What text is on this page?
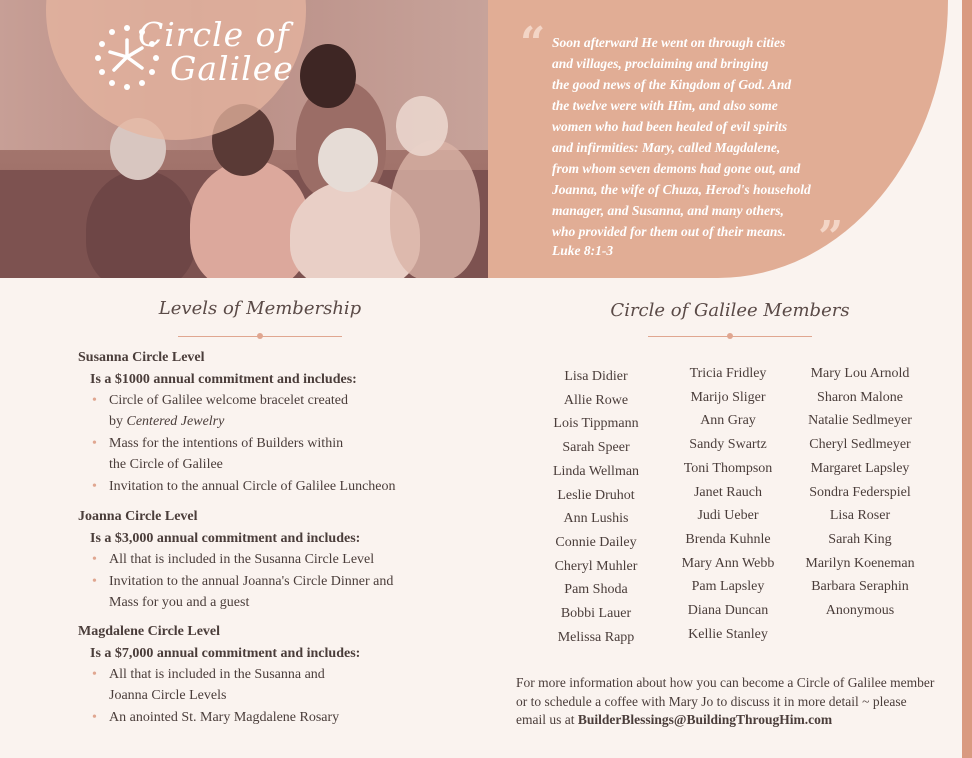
Circle of
Galilee	“ Soon afterward He went on through cities
and villages, proclaiming and bringing
the good news of the Kingdom of God. And
the twelve were with Him, and also some
women who had been healed of evil spirits
and infirmities: Mary, called Magdalene,
from whom seven demons had gone out, and
Joanna, the wife of Chuza, Herod's household
manager, and Susanna, and many others,
who provided for them out of their means. ”
Luke 8:1-3
Levels of Membership
Susanna Circle Level
Is a $1000 annual commitment and includes:
• Circle of Galilee welcome bracelet created
by Centered Jewelry
• Mass for the intentions of Builders within
the Circle of Galilee
• Invitation to the annual Circle of Galilee Luncheon
Joanna Circle Level
Is a $3,000 annual commitment and includes:
• All that is included in the Susanna Circle Level
• Invitation to the annual Joanna's Circle Dinner and
Mass for you and a guest
Magdalene Circle Level
Is a $7,000 annual commitment and includes:
• All that is included in the Susanna and
Joanna Circle Levels
• An anointed St. Mary Magdalene Rosary
Circle of Galilee Members
Lisa Didier
Allie Rowe
Lois Tippmann
Sarah Speer
Linda Wellman
Leslie Druhot
Ann Lushis
Connie Dailey
Cheryl Muhler
Pam Shoda
Bobbi Lauer
Melissa Rapp
Tricia Fridley
Marijo Sliger
Ann Gray
Sandy Swartz
Toni Thompson
Janet Rauch
Judi Ueber
Brenda Kuhnle
Mary Ann Webb
Pam Lapsley
Diana Duncan
Kellie Stanley
Mary Lou Arnold
Sharon Malone
Natalie Sedlmeyer
Cheryl Sedlmeyer
Margaret Lapsley
Sondra Federspiel
Lisa Roser
Sarah King
Marilyn Koeneman
Barbara Seraphin
Anonymous
For more information about how you can become a Circle of Galilee member or to schedule a coffee with Mary Jo to discuss it in more detail ~ please email us at BuilderBlessings@BuildingThrougHim.com
